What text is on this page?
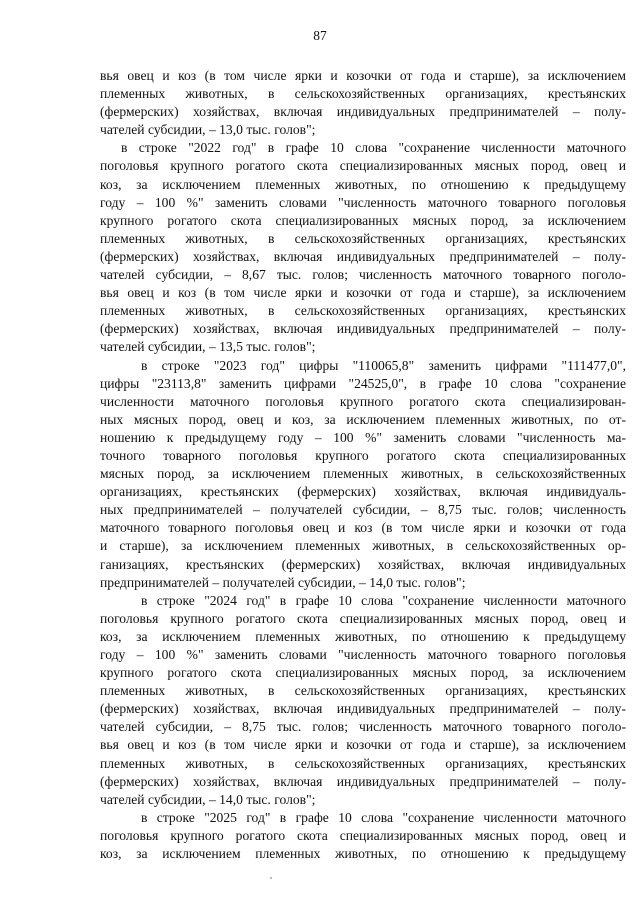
87
вья овец и коз (в том числе ярки и козочки от года и старше), за исключением
племенных животных, в сельскохозяйственных организациях, крестьянских
(фермерских) хозяйствах, включая индивидуальных предпринимателей – полу-
чателей субсидии, – 13,0 тыс. голов";
в строке "2022 год" в графе 10 слова "сохранение численности маточного
поголовья крупного рогатого скота специализированных мясных пород, овец и
коз, за исключением племенных животных, по отношению к предыдущему
году – 100 %" заменить словами "численность маточного товарного поголовья
крупного рогатого скота специализированных мясных пород, за исключением
племенных животных, в сельскохозяйственных организациях, крестьянских
(фермерских) хозяйствах, включая индивидуальных предпринимателей – полу-
чателей субсидии, – 8,67 тыс. голов; численность маточного товарного поголо-
вья овец и коз (в том числе ярки и козочки от года и старше), за исключением
племенных животных, в сельскохозяйственных организациях, крестьянских
(фермерских) хозяйствах, включая индивидуальных предпринимателей – полу-
чателей субсидии, – 13,5 тыс. голов";
в строке "2023 год" цифры "110065,8" заменить цифрами "111477,0",
цифры "23113,8" заменить цифрами "24525,0", в графе 10 слова "сохранение
численности маточного поголовья крупного рогатого скота специализирован-
ных мясных пород, овец и коз, за исключением племенных животных, по от-
ношению к предыдущему году – 100 %" заменить словами "численность ма-
точного товарного поголовья крупного рогатого скота специализированных
мясных пород, за исключением племенных животных, в сельскохозяйственных
организациях, крестьянских (фермерских) хозяйствах, включая индивидуаль-
ных предпринимателей – получателей субсидии, – 8,75 тыс. голов; численность
маточного товарного поголовья овец и коз (в том числе ярки и козочки от года
и старше), за исключением племенных животных, в сельскохозяйственных ор-
ганизациях, крестьянских (фермерских) хозяйствах, включая индивидуальных
предпринимателей – получателей субсидии, – 14,0 тыс. голов";
в строке "2024 год" в графе 10 слова "сохранение численности маточного
поголовья крупного рогатого скота специализированных мясных пород, овец и
коз, за исключением племенных животных, по отношению к предыдущему
году – 100 %" заменить словами "численность маточного товарного поголовья
крупного рогатого скота специализированных мясных пород, за исключением
племенных животных, в сельскохозяйственных организациях, крестьянских
(фермерских) хозяйствах, включая индивидуальных предпринимателей – полу-
чателей субсидии, – 8,75 тыс. голов; численность маточного товарного поголо-
вья овец и коз (в том числе ярки и козочки от года и старше), за исключением
племенных животных, в сельскохозяйственных организациях, крестьянских
(фермерских) хозяйствах, включая индивидуальных предпринимателей – полу-
чателей субсидии, – 14,0 тыс. голов";
в строке "2025 год" в графе 10 слова "сохранение численности маточного
поголовья крупного рогатого скота специализированных мясных пород, овец и
коз, за исключением племенных животных, по отношению к предыдущему
